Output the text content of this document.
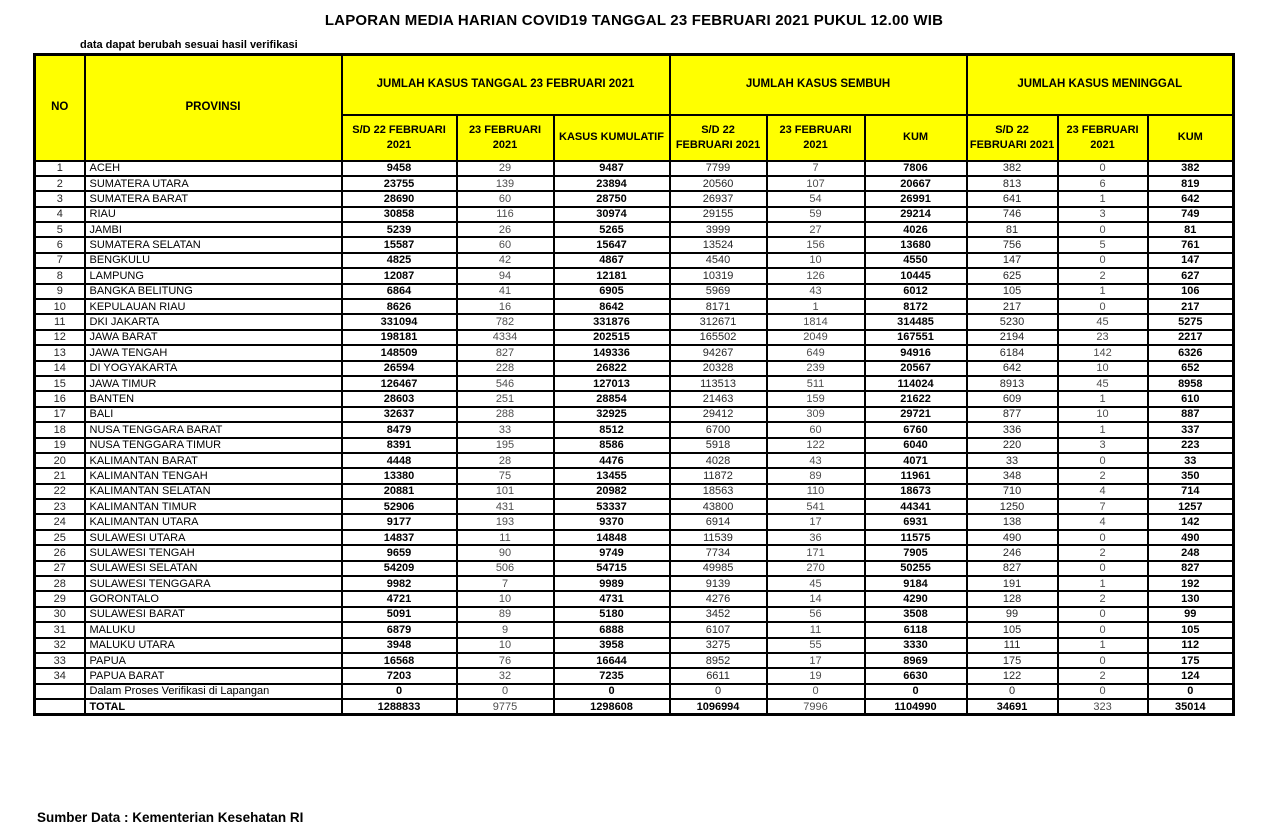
LAPORAN MEDIA HARIAN COVID19 TANGGAL 23 FEBRUARI 2021 PUKUL 12.00 WIB
data dapat berubah sesuai hasil verifikasi
NO	PROVINSI	JUMLAH KASUS TANGGAL 23 FEBRUARI 2021			JUMLAH KASUS SEMBUH			JUMLAH KASUS MENINGGAL		
		S/D 22 FEBRUARI 2021	23 FEBRUARI 2021	KASUS KUMULATIF	S/D 22 FEBRUARI 2021	23 FEBRUARI 2021	KUM	S/D 22 FEBRUARI 2021	23 FEBRUARI 2021	KUM
1	ACEH	9458	29	9487	7799	7	7806	382	0	382
2	SUMATERA UTARA	23755	139	23894	20560	107	20667	813	6	819
3	SUMATERA BARAT	28690	60	28750	26937	54	26991	641	1	642
4	RIAU	30858	116	30974	29155	59	29214	746	3	749
5	JAMBI	5239	26	5265	3999	27	4026	81	0	81
6	SUMATERA SELATAN	15587	60	15647	13524	156	13680	756	5	761
7	BENGKULU	4825	42	4867	4540	10	4550	147	0	147
8	LAMPUNG	12087	94	12181	10319	126	10445	625	2	627
9	BANGKA BELITUNG	6864	41	6905	5969	43	6012	105	1	106
10	KEPULAUAN RIAU	8626	16	8642	8171	1	8172	217	0	217
11	DKI JAKARTA	331094	782	331876	312671	1814	314485	5230	45	5275
12	JAWA BARAT	198181	4334	202515	165502	2049	167551	2194	23	2217
13	JAWA TENGAH	148509	827	149336	94267	649	94916	6184	142	6326
14	DI YOGYAKARTA	26594	228	26822	20328	239	20567	642	10	652
15	JAWA TIMUR	126467	546	127013	113513	511	114024	8913	45	8958
16	BANTEN	28603	251	28854	21463	159	21622	609	1	610
17	BALI	32637	288	32925	29412	309	29721	877	10	887
18	NUSA TENGGARA BARAT	8479	33	8512	6700	60	6760	336	1	337
19	NUSA TENGGARA TIMUR	8391	195	8586	5918	122	6040	220	3	223
20	KALIMANTAN BARAT	4448	28	4476	4028	43	4071	33	0	33
21	KALIMANTAN TENGAH	13380	75	13455	11872	89	11961	348	2	350
22	KALIMANTAN SELATAN	20881	101	20982	18563	110	18673	710	4	714
23	KALIMANTAN TIMUR	52906	431	53337	43800	541	44341	1250	7	1257
24	KALIMANTAN UTARA	9177	193	9370	6914	17	6931	138	4	142
25	SULAWESI UTARA	14837	11	14848	11539	36	11575	490	0	490
26	SULAWESI TENGAH	9659	90	9749	7734	171	7905	246	2	248
27	SULAWESI SELATAN	54209	506	54715	49985	270	50255	827	0	827
28	SULAWESI TENGGARA	9982	7	9989	9139	45	9184	191	1	192
29	GORONTALO	4721	10	4731	4276	14	4290	128	2	130
30	SULAWESI BARAT	5091	89	5180	3452	56	3508	99	0	99
31	MALUKU	6879	9	6888	6107	11	6118	105	0	105
32	MALUKU UTARA	3948	10	3958	3275	55	3330	111	1	112
33	PAPUA	16568	76	16644	8952	17	8969	175	0	175
34	PAPUA BARAT	7203	32	7235	6611	19	6630	122	2	124
	Dalam Proses Verifikasi di Lapangan	0	0	0	0	0	0	0	0	0
	TOTAL	1288833	9775	1298608	1096994	7996	1104990	34691	323	35014
Sumber Data : Kementerian Kesehatan RI
